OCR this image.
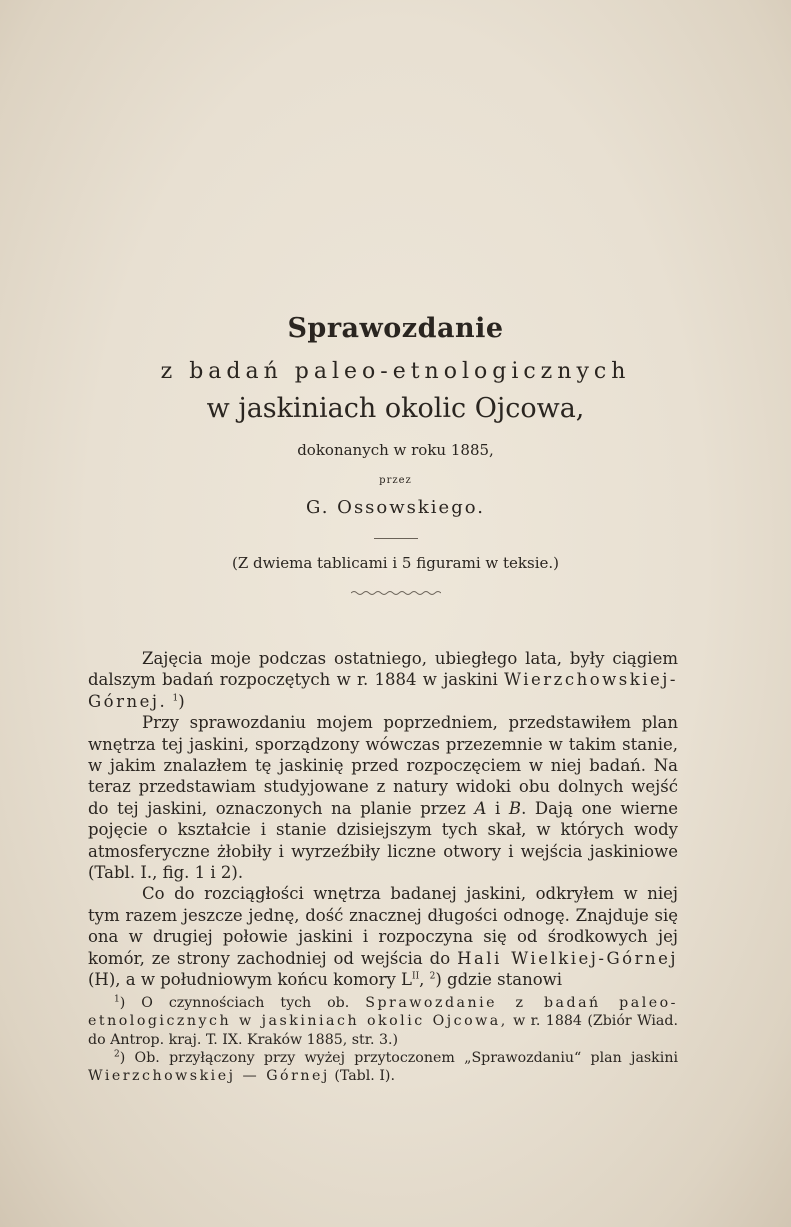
Sprawozdanie

z badań paleo-etnologicznych

w jaskiniach okolic Ojcowa,

dokonanych w roku 1885,

przez

G. Ossowskiego.

(Z dwiema tablicami i 5 figurami w teksie.)

Zajęcia moje podczas ostatniego, ubiegłego lata, były ciągiem dalszym badań rozpoczętych w r. 1884 w jaskini Wierzchowskiej-Górnej. $^1$)

Przy sprawozdaniu mojem poprzedniem, przedstawiłem plan wnętrza tej jaskini, sporządzony wówczas przezemnie w takim stanie, w jakim znalazłem tę jaskinię przed rozpoczęciem w niej badań. Na teraz przedstawiam studyjowane z natury widoki obu dolnych wejść do tej jaskini, oznaczonych na planie przez A i B. Dają one wierne pojęcie o kształcie i stanie dzisiejszym tych skał, w których wody atmosferyczne żłobiły i wyrzeźbiły liczne otwory i wejścia jaskiniowe (Tabl. I., fig. 1 i 2).

Co do rozciągłości wnętrza badanej jaskini, odkryłem w niej tym razem jeszcze jednę, dość znacznej długości odnogę. Znajduje się ona w drugiej połowie jaskini i rozpoczyna się od środkowych jej komór, ze strony zachodniej od wejścia do Hali Wielkiej-Górnej (H), a w południowym końcu komory $L^{II}$, $^2$) gdzie stanowi

$^1$) O czynnościach tych ob. Sprawozdanie z badań paleo-etnologicznych w jaskiniach okolic Ojcowa, w r. 1884 (Zbiór Wiad. do Antrop. kraj. T. IX. Kraków 1885, str. 3.)

$^2$) Ob. przyłączony przy wyżej przytoczonem „Sprawozdaniu“ plan jaskini Wierzchowskiej — Górnej (Tabl. I).
